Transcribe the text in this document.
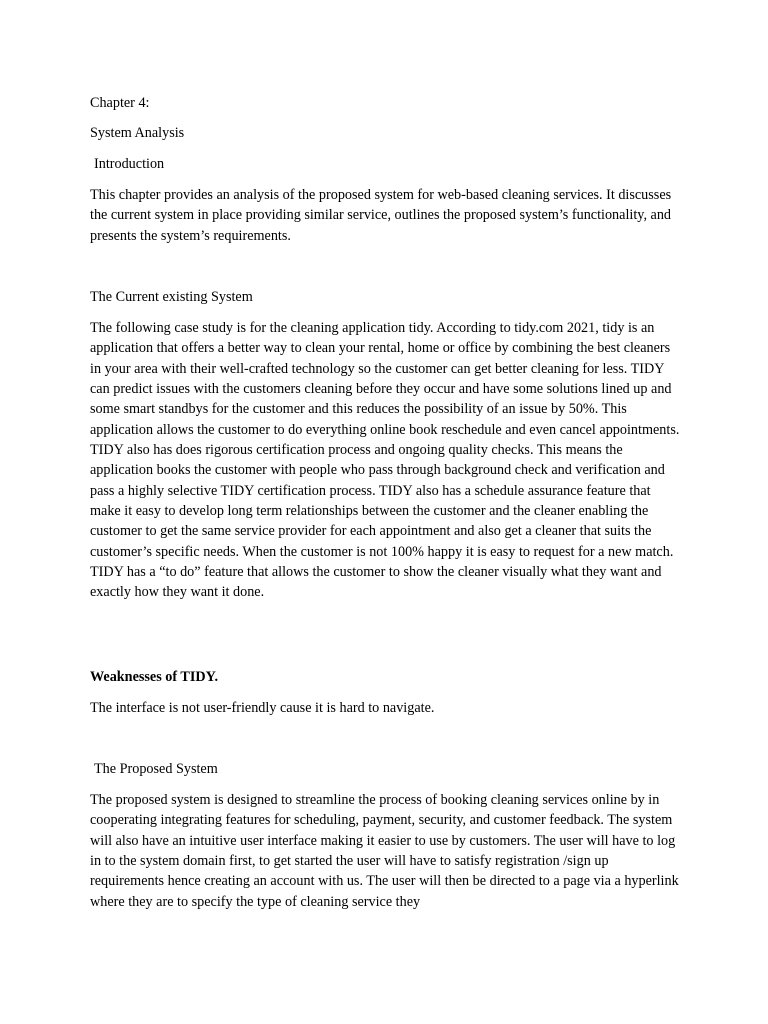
Chapter 4:
System Analysis
Introduction

This chapter provides an analysis of the proposed system for web-based cleaning services. It discusses the current system in place providing similar service, outlines the proposed system’s functionality, and presents the system’s requirements.

The Current existing System

The following case study is for the cleaning application tidy. According to tidy.com 2021, tidy is an application that offers a better way to clean your rental, home or office by combining the best cleaners in your area with their well-crafted technology so the customer can get better cleaning for less. TIDY can predict issues with the customers cleaning before they occur and have some solutions lined up and some smart standbys for the customer and this reduces the possibility of an issue by 50%. This application allows the customer to do everything online book reschedule and even cancel appointments. TIDY also has does rigorous certification process and ongoing quality checks. This means the application books the customer with people who pass through background check and verification and pass a highly selective TIDY certification process. TIDY also has a schedule assurance feature that make it easy to develop long term relationships between the customer and the cleaner enabling the customer to get the same service provider for each appointment and also get a cleaner that suits the customer’s specific needs. When the customer is not 100% happy it is easy to request for a new match. TIDY has a “to do” feature that allows the customer to show the cleaner visually what they want and exactly how they want it done.

Weaknesses of TIDY.
The interface is not user-friendly cause it is hard to navigate.
The Proposed System

The proposed system is designed to streamline the process of booking cleaning services online by in cooperating integrating features for scheduling, payment, security, and customer feedback. The system will also have an intuitive user interface making it easier to use by customers. The user will have to log in to the system domain first, to get started the user will have to satisfy registration /sign up requirements hence creating an account with us. The user will then be directed to a page via a hyperlink where they are to specify the type of cleaning service they
